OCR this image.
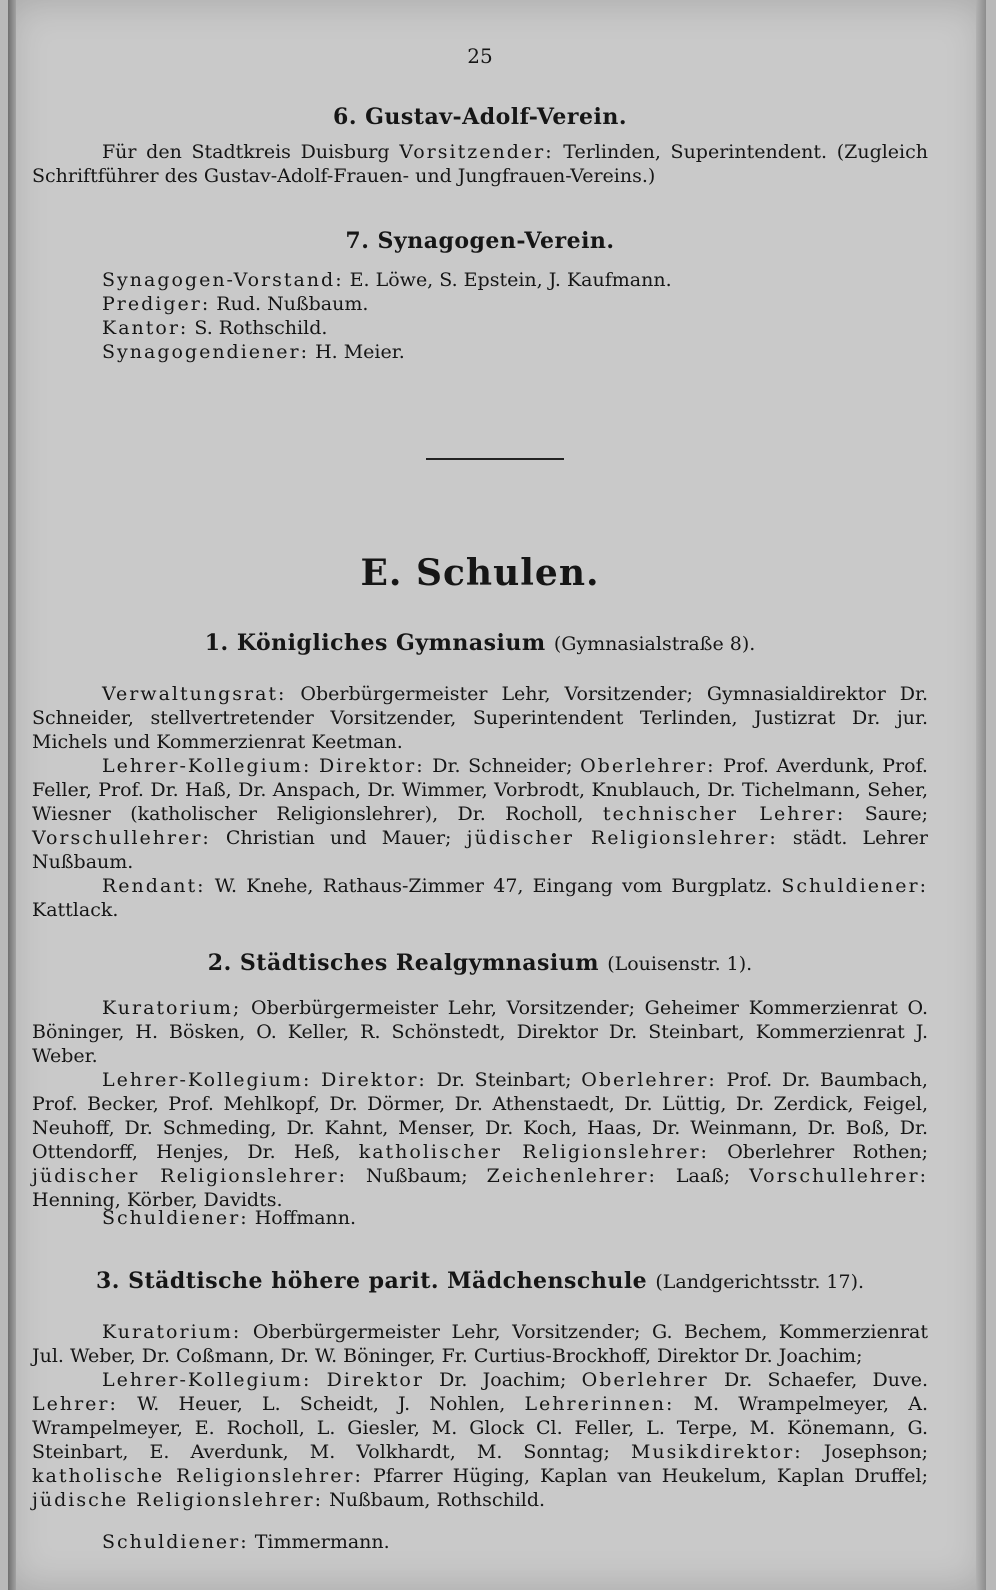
25
6. Gustav-Adolf-Verein.
Für den Stadtkreis Duisburg Vorsitzender: Terlinden, Superintendent. (Zugleich Schriftführer des Gustav-Adolf-Frauen- und Jungfrauen-Vereins.)
7. Synagogen-Verein.
Synagogen-Vorstand: E. Löwe, S. Epstein, J. Kaufmann.
Prediger: Rud. Nußbaum.
Kantor: S. Rothschild.
Synagogendiener: H. Meier.
E. Schulen.
1. Königliches Gymnasium (Gymnasialstraße 8).
Verwaltungsrat: Oberbürgermeister Lehr, Vorsitzender; Gymnasialdirektor Dr. Schneider, stellvertretender Vorsitzender, Superintendent Terlinden, Justizrat Dr. jur. Michels und Kommerzienrat Keetman.
Lehrer-Kollegium: Direktor: Dr. Schneider; Oberlehrer: Prof. Averdunk, Prof. Feller, Prof. Dr. Haß, Dr. Anspach, Dr. Wimmer, Vorbrodt, Knublauch, Dr. Tichelmann, Seher, Wiesner (katholischer Religionslehrer), Dr. Rocholl, technischer Lehrer: Saure; Vorschullehrer: Christian und Mauer; jüdischer Religionslehrer: städt. Lehrer Nußbaum.
Rendant: W. Knehe, Rathaus-Zimmer 47, Eingang vom Burgplatz. Schuldiener: Kattlack.
2. Städtisches Realgymnasium (Louisenstr. 1).
Kuratorium; Oberbürgermeister Lehr, Vorsitzender; Geheimer Kommerzienrat O. Böninger, H. Bösken, O. Keller, R. Schönstedt, Direktor Dr. Steinbart, Kommerzienrat J. Weber.
Lehrer-Kollegium: Direktor: Dr. Steinbart; Oberlehrer: Prof. Dr. Baumbach, Prof. Becker, Prof. Mehlkopf, Dr. Dörmer, Dr. Athenstaedt, Dr. Lüttig, Dr. Zerdick, Feigel, Neuhoff, Dr. Schmeding, Dr. Kahnt, Menser, Dr. Koch, Haas, Dr. Weinmann, Dr. Boß, Dr. Ottendorff, Henjes, Dr. Heß, katholischer Religionslehrer: Oberlehrer Rothen; jüdischer Religionslehrer: Nußbaum; Zeichenlehrer: Laaß; Vorschullehrer: Henning, Körber, Davidts.
Schuldiener: Hoffmann.
3. Städtische höhere parit. Mädchenschule (Landgerichtsstr. 17).
Kuratorium: Oberbürgermeister Lehr, Vorsitzender; G. Bechem, Kommerzienrat Jul. Weber, Dr. Coßmann, Dr. W. Böninger, Fr. Curtius-Brockhoff, Direktor Dr. Joachim;
Lehrer-Kollegium: Direktor Dr. Joachim; Oberlehrer Dr. Schaefer, Duve. Lehrer: W. Heuer, L. Scheidt, J. Nohlen, Lehrerinnen: M. Wrampelmeyer, A. Wrampelmeyer, E. Rocholl, L. Giesler, M. Glock Cl. Feller, L. Terpe, M. Könemann, G. Steinbart, E. Averdunk, M. Volkhardt, M. Sonntag; Musikdirektor: Josephson; katholische Religionslehrer: Pfarrer Hüging, Kaplan van Heukelum, Kaplan Druffel; jüdische Religionslehrer: Nußbaum, Rothschild.
Schuldiener: Timmermann.
